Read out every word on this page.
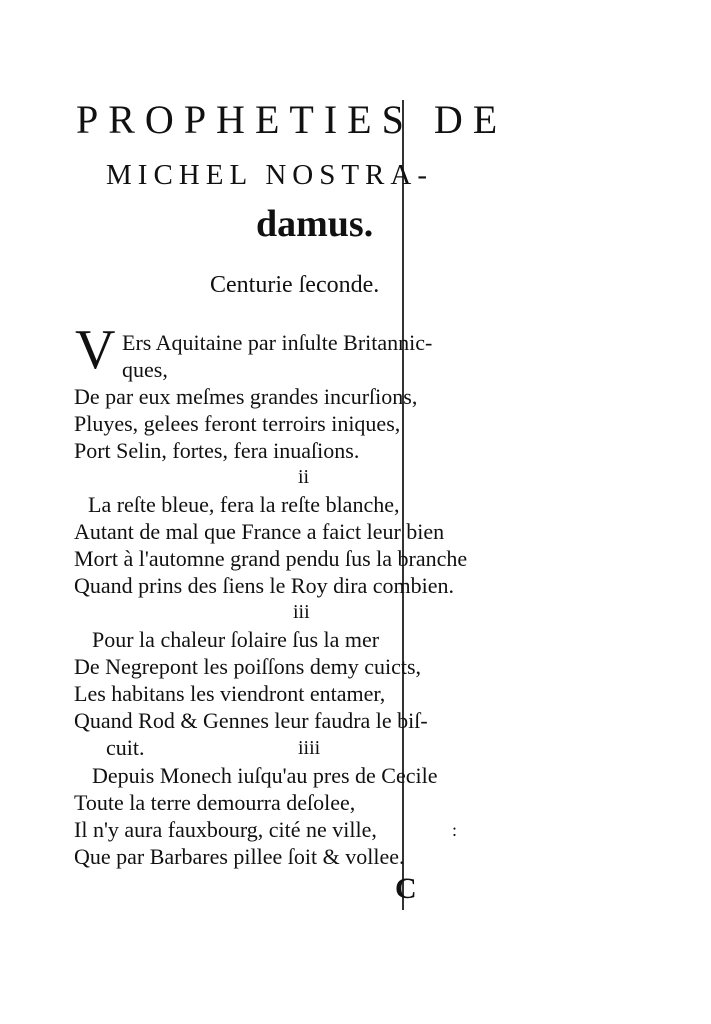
PROPHETIES DE
MICHEL NOSTRA-
damus.
Centurie ſeconde.
V Ers Aquitaine par inſulte Britannic-
ques,
De par eux meſmes grandes incurſions,
Pluyes, gelees feront terroirs iniques,
Port Selin, fortes, fera inuaſions.
ii
La reſte bleue, fera la reſte blanche,
Autant de mal que France a faict leur bien
Mort à l'automne grand pendu ſus la branche
Quand prins des ſiens le Roy dira combien.
iii
Pour la chaleur ſolaire ſus la mer
De Negrepont les poiſſons demy cuicts,
Les habitans les viendront entamer,
Quand Rod & Gennes leur faudra le biſ-
cuit.	iiii
Depuis Monech iuſqu'au pres de Cecile
Toute la terre demourra deſolee,
Il n'y aura fauxbourg, cité ne ville,
Que par Barbares pillee ſoit & vollee.
:
C
